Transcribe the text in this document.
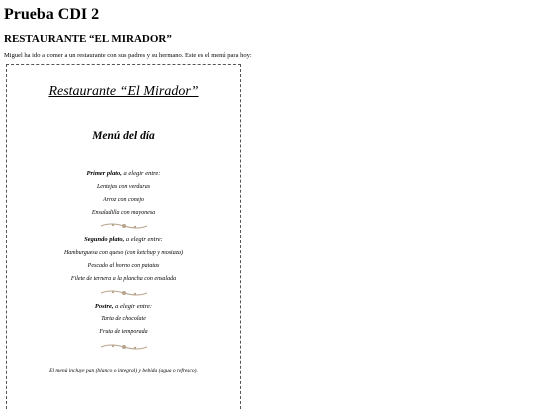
Prueba CDI 2
RESTAURANTE “EL MIRADOR”

Miguel ha ido a comer a un restaurante con sus padres y su hermano. Este es el menú para hoy:

Restaurante “El Mirador”
Menú del día
Primer plato, a elegir entre:
Lentejas con verduras
Arroz con conejo
Ensaladilla con mayonesa
Segundo plato, a elegir entre:
Hamburguesa con queso (con ketchup y mostaza)
Pescado al horno con patatas
Filete de ternera a la plancha con ensalada
Postre, a elegir entre:
Tarta de chocolate
Fruta de temporada
El menú incluye pan (blanco o integral) y bebida (agua o refresco).
